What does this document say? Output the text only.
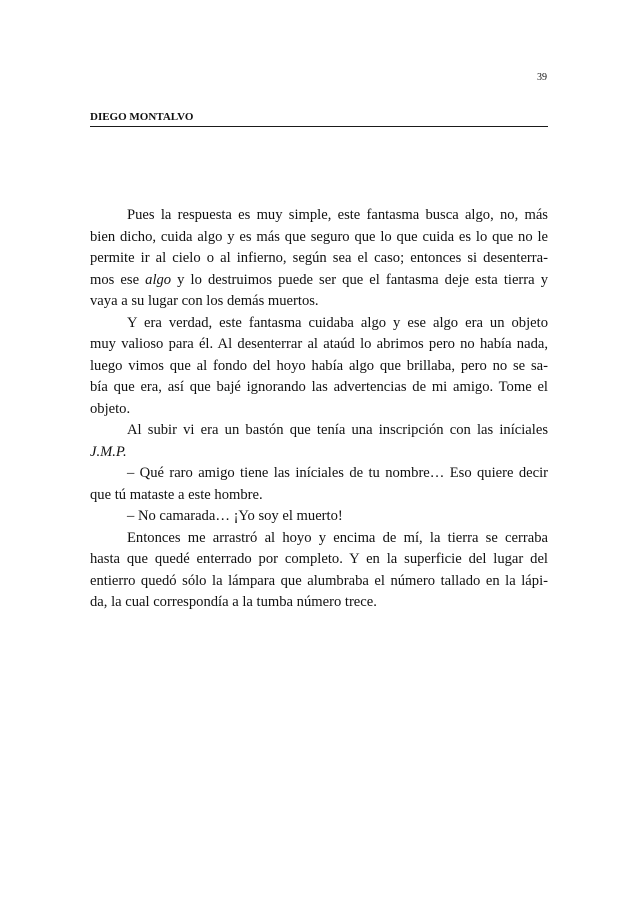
39
DIEGO MONTALVO
Pues la respuesta es muy simple, este fantasma busca algo, no, más
bien dicho, cuida algo y es más que seguro que lo que cuida es lo que no le
permite ir al cielo o al infierno, según sea el caso; entonces si desenterra-
mos ese algo y lo destruimos puede ser que el fantasma deje esta tierra y
vaya a su lugar con los demás muertos.
Y era verdad, este fantasma cuidaba algo y ese algo era un objeto
muy valioso para él. Al desenterrar al ataúd lo abrimos pero no había nada,
luego vimos que al fondo del hoyo había algo que brillaba, pero no se sa-
bía que era, así que bajé ignorando las advertencias de mi amigo. Tome el
objeto.
Al subir vi era un bastón que tenía una inscripción con las iníciales
J.M.P.
– Qué raro amigo tiene las iníciales de tu nombre… Eso quiere decir
que tú mataste a este hombre.
– No camarada… ¡Yo soy el muerto!
Entonces me arrastró al hoyo y encima de mí, la tierra se cerraba
hasta que quedé enterrado por completo. Y en la superficie del lugar del
entierro quedó sólo la lámpara que alumbraba el número tallado en la lápi-
da, la cual correspondía a la tumba número trece.
